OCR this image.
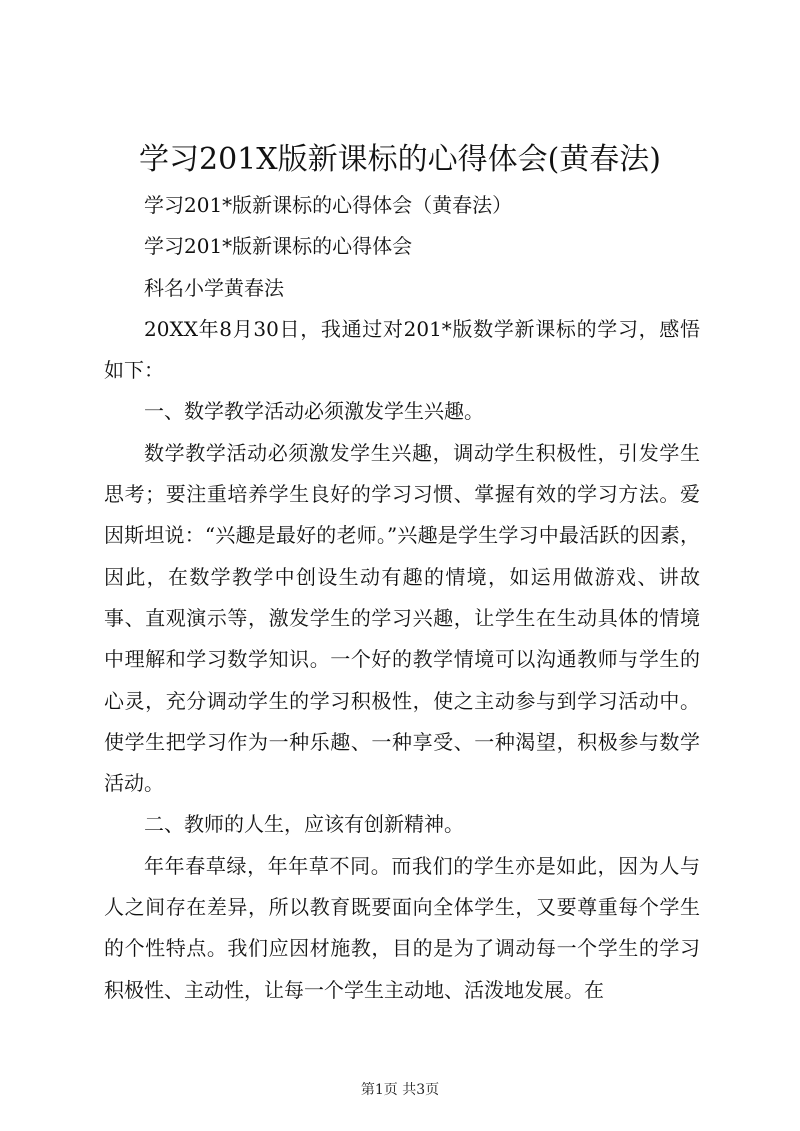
学习201X版新课标的心得体会(黄春法)

学习201*版新课标的心得体会（黄春法）

学习201*版新课标的心得体会

科名小学黄春法

20XX年8月30日，我通过对201*版数学新课标的学习，感悟如下：

一、数学教学活动必须激发学生兴趣。

数学教学活动必须激发学生兴趣，调动学生积极性，引发学生思考；要注重培养学生良好的学习习惯、掌握有效的学习方法。爱因斯坦说：“兴趣是最好的老师。”兴趣是学生学习中最活跃的因素，因此，在数学教学中创设生动有趣的情境，如运用做游戏、讲故事、直观演示等，激发学生的学习兴趣，让学生在生动具体的情境中理解和学习数学知识。一个好的教学情境可以沟通教师与学生的心灵，充分调动学生的学习积极性，使之主动参与到学习活动中。使学生把学习作为一种乐趣、一种享受、一种渴望，积极参与数学活动。

二、教师的人生，应该有创新精神。

年年春草绿，年年草不同。而我们的学生亦是如此，因为人与人之间存在差异，所以教育既要面向全体学生，又要尊重每个学生的个性特点。我们应因材施教，目的是为了调动每一个学生的学习积极性、主动性，让每一个学生主动地、活泼地发展。在

第1页 共3页
